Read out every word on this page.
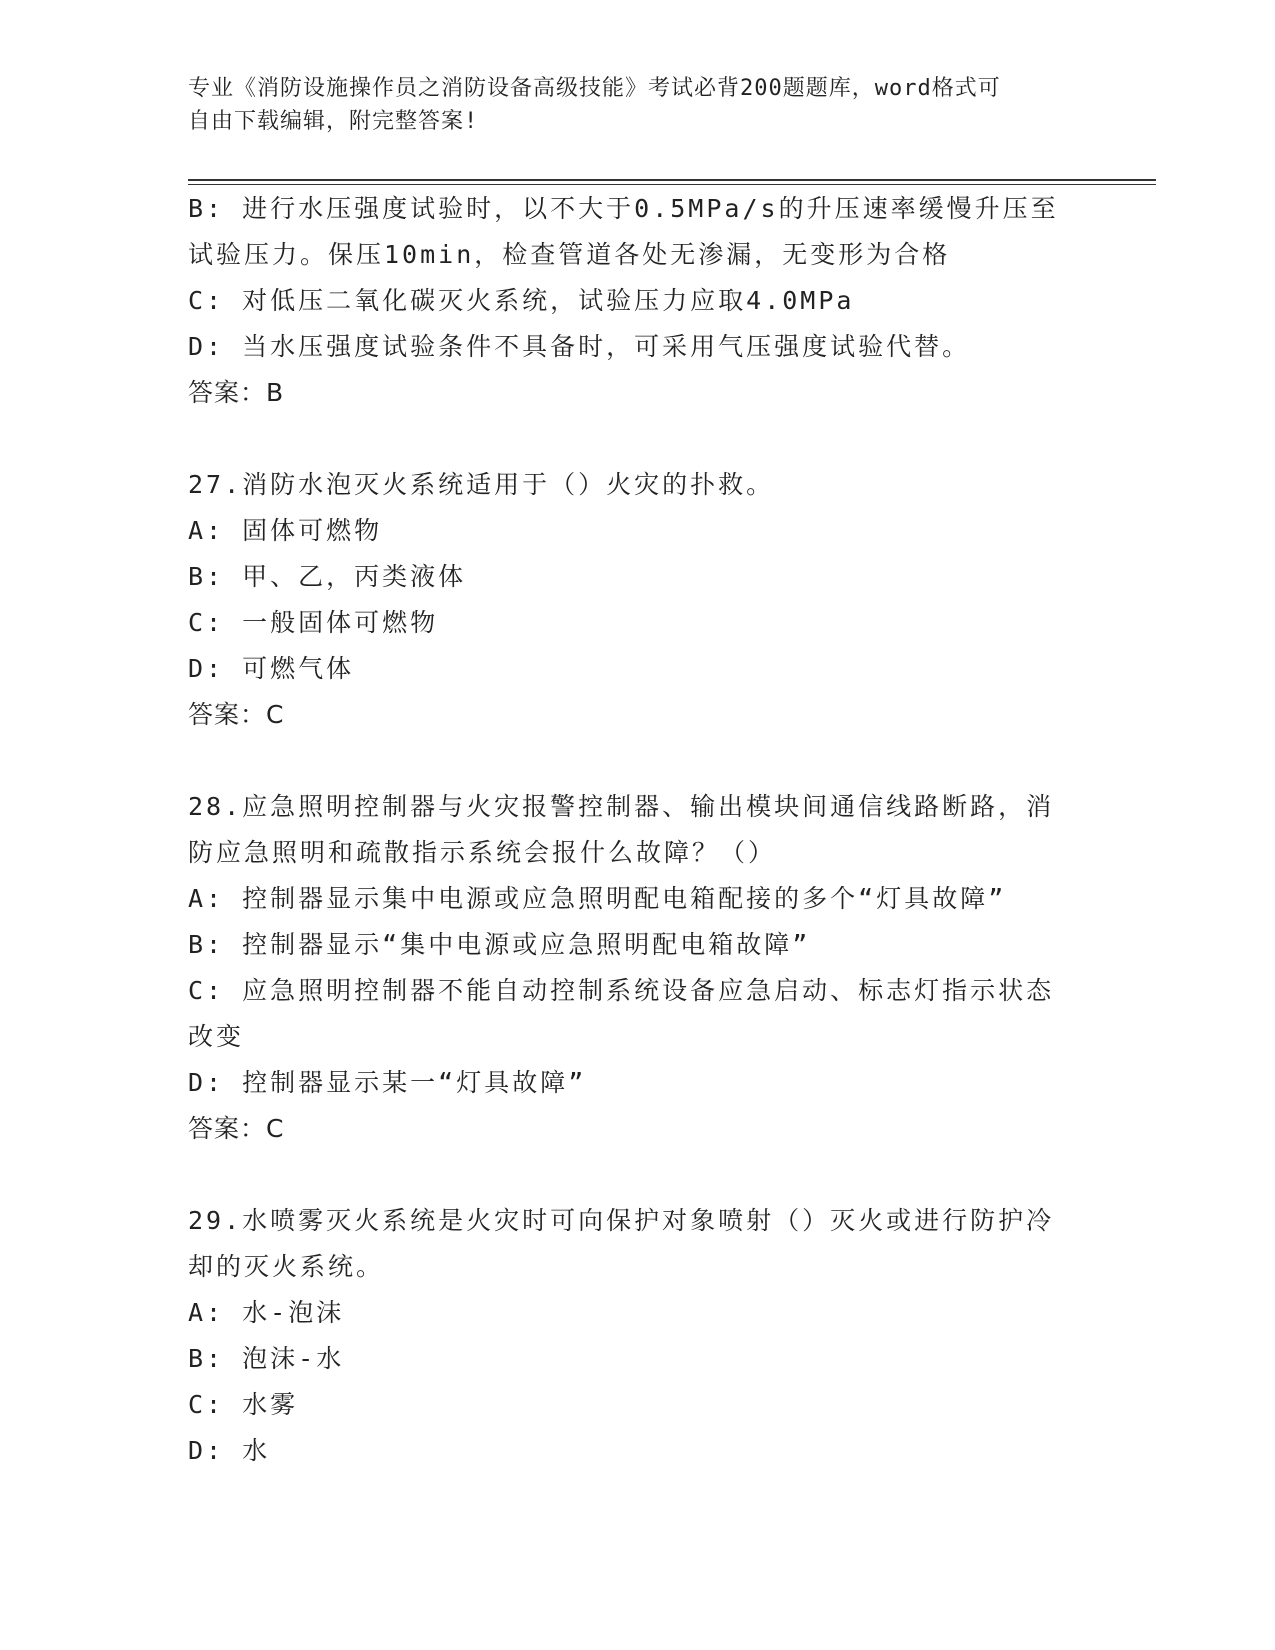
专业《消防设施操作员之消防设备高级技能》考试必背200题题库，word格式可
自由下载编辑，附完整答案!
B: 进行水压强度试验时，以不大于0.5MPa/s的升压速率缓慢升压至
试验压力。保压10min，检查管道各处无渗漏，无变形为合格
C: 对低压二氧化碳灭火系统，试验压力应取4.0MPa
D: 当水压强度试验条件不具备时，可采用气压强度试验代替。
答案：B
27.消防水泡灭火系统适用于（）火灾的扑救。
A: 固体可燃物
B: 甲、乙，丙类液体
C: 一般固体可燃物
D: 可燃气体
答案：C
28.应急照明控制器与火灾报警控制器、输出模块间通信线路断路，消
防应急照明和疏散指示系统会报什么故障？（）
A: 控制器显示集中电源或应急照明配电箱配接的多个“灯具故障”
B: 控制器显示“集中电源或应急照明配电箱故障”
C: 应急照明控制器不能自动控制系统设备应急启动、标志灯指示状态
改变
D: 控制器显示某一“灯具故障”
答案：C
29.水喷雾灭火系统是火灾时可向保护对象喷射（）灭火或进行防护冷
却的灭火系统。
A: 水-泡沫
B: 泡沫-水
C: 水雾
D: 水
